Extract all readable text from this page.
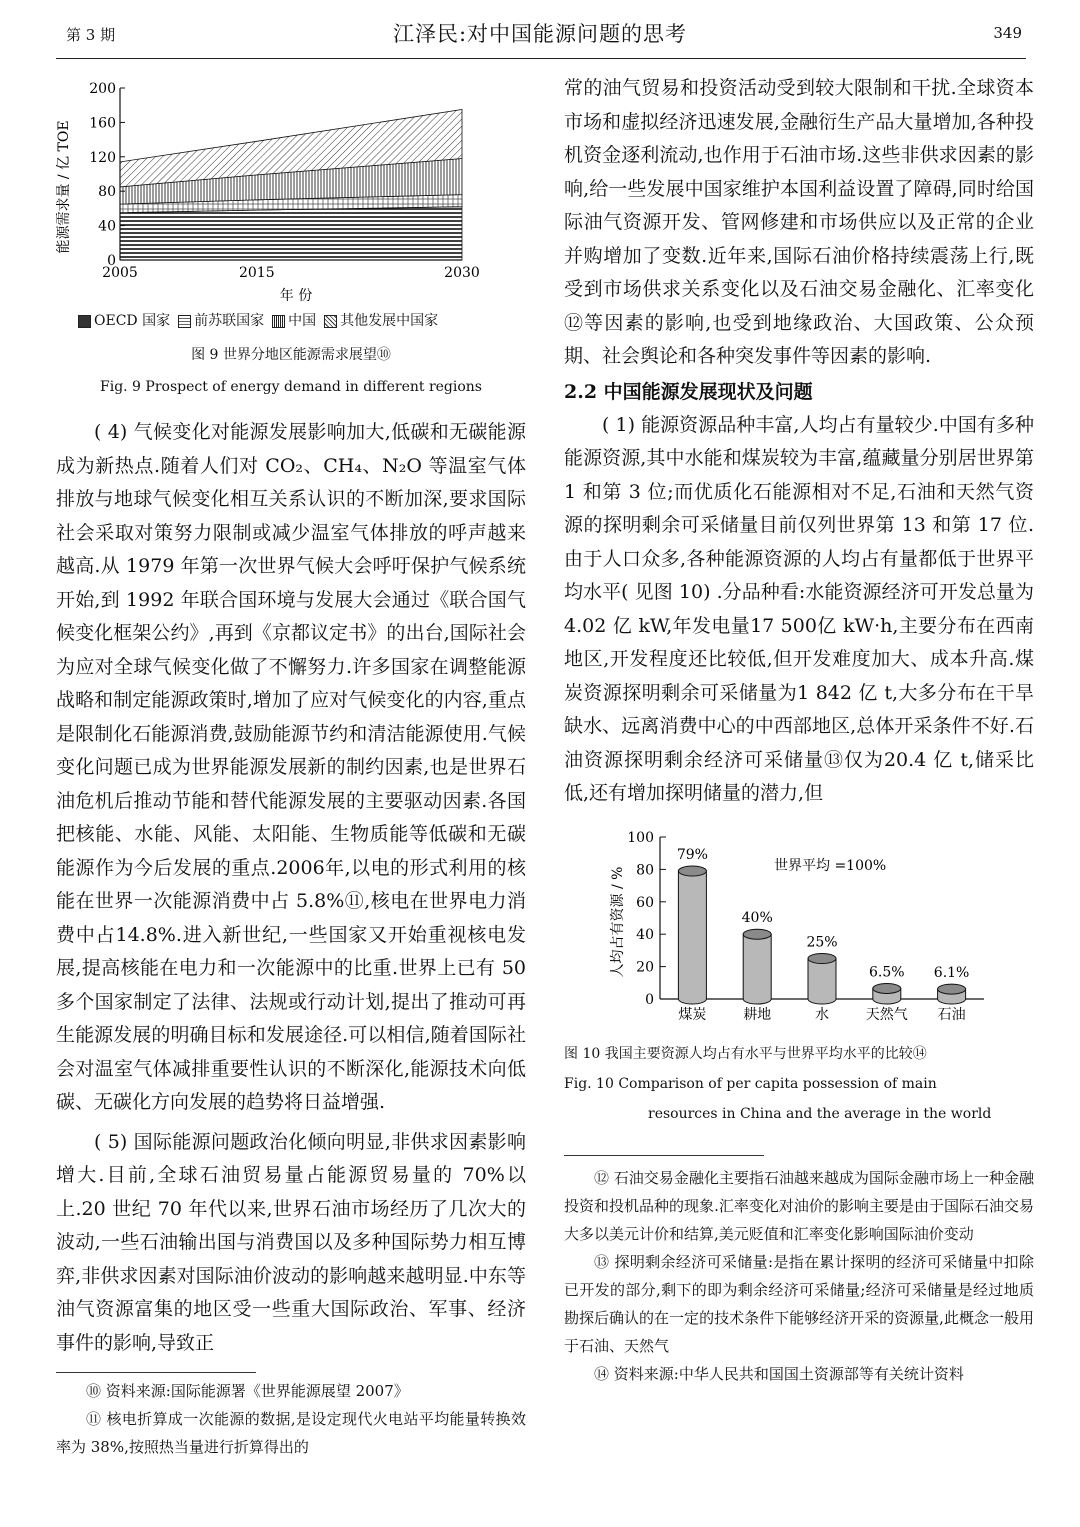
第 3 期	江泽民:对中国能源问题的思考	349
0
40
80
120
160
200
2005	2015	2030
能源需求量 / 亿 TOE
年 份
OECD 国家	前苏联国家	中国	其他发展中国家
图 9 世界分地区能源需求展望⑩
Fig. 9 Prospect of energy demand in different regions

( 4) 气候变化对能源发展影响加大,低碳和无碳能源成为新热点.随着人们对 CO₂、CH₄、N₂O 等温室气体排放与地球气候变化相互关系认识的不断加深,要求国际社会采取对策努力限制或减少温室气体排放的呼声越来越高.从 1979 年第一次世界气候大会呼吁保护气候系统开始,到 1992 年联合国环境与发展大会通过《联合国气候变化框架公约》,再到《京都议定书》的出台,国际社会为应对全球气候变化做了不懈努力.许多国家在调整能源战略和制定能源政策时,增加了应对气候变化的内容,重点是限制化石能源消费,鼓励能源节约和清洁能源使用.气候变化问题已成为世界能源发展新的制约因素,也是世界石油危机后推动节能和替代能源发展的主要驱动因素.各国把核能、水能、风能、太阳能、生物质能等低碳和无碳能源作为今后发展的重点.2006年,以电的形式利用的核能在世界一次能源消费中占 5.8%⑪,核电在世界电力消费中占14.8%.进入新世纪,一些国家又开始重视核电发展,提高核能在电力和一次能源中的比重.世界上已有 50 多个国家制定了法律、法规或行动计划,提出了推动可再生能源发展的明确目标和发展途径.可以相信,随着国际社会对温室气体减排重要性认识的不断深化,能源技术向低碳、无碳化方向发展的趋势将日益增强.

( 5) 国际能源问题政治化倾向明显,非供求因素影响增大.目前,全球石油贸易量占能源贸易量的 70%以上.20 世纪 70 年代以来,世界石油市场经历了几次大的波动,一些石油输出国与消费国以及多种国际势力相互博弈,非供求因素对国际油价波动的影响越来越明显.中东等油气资源富集的地区受一些重大国际政治、军事、经济事件的影响,导致正

⑩ 资料来源:国际能源署《世界能源展望 2007》

⑪ 核电折算成一次能源的数据,是设定现代火电站平均能量转换效率为 38%,按照热当量进行折算得出的

常的油气贸易和投资活动受到较大限制和干扰.全球资本市场和虚拟经济迅速发展,金融衍生产品大量增加,各种投机资金逐利流动,也作用于石油市场.这些非供求因素的影响,给一些发展中国家维护本国利益设置了障碍,同时给国际油气资源开发、管网修建和市场供应以及正常的企业并购增加了变数.近年来,国际石油价格持续震荡上行,既受到市场供求关系变化以及石油交易金融化、汇率变化⑫等因素的影响,也受到地缘政治、大国政策、公众预期、社会舆论和各种突发事件等因素的影响.

2.2 中国能源发展现状及问题

( 1) 能源资源品种丰富,人均占有量较少.中国有多种能源资源,其中水能和煤炭较为丰富,蕴藏量分别居世界第 1 和第 3 位;而优质化石能源相对不足,石油和天然气资源的探明剩余可采储量目前仅列世界第 13 和第 17 位.由于人口众多,各种能源资源的人均占有量都低于世界平均水平( 见图 10) .分品种看:水能资源经济可开发总量为 4.02 亿 kW,年发电量17 500亿 kW·h,主要分布在西南地区,开发程度还比较低,但开发难度加大、成本升高.煤炭资源探明剩余可采储量为1 842 亿 t,大多分布在干旱缺水、远离消费中心的中西部地区,总体开采条件不好.石油资源探明剩余经济可采储量⑬仅为20.4 亿 t,储采比低,还有增加探明储量的潜力,但

0
20
40
60
80
100
79%
煤炭
40%
耕地
25%
水
6.5%
天然气
6.1%
石油
人均占有资源 / %
世界平均 =100%
图 10 我国主要资源人均占有水平与世界平均水平的比较⑭
Fig. 10 Comparison of per capita possession of main
resources in China and the average in the world

⑫ 石油交易金融化主要指石油越来越成为国际金融市场上一种金融投资和投机品种的现象.汇率变化对油价的影响主要是由于国际石油交易大多以美元计价和结算,美元贬值和汇率变化影响国际油价变动

⑬ 探明剩余经济可采储量:是指在累计探明的经济可采储量中扣除已开发的部分,剩下的即为剩余经济可采储量;经济可采储量是经过地质勘探后确认的在一定的技术条件下能够经济开采的资源量,此概念一般用于石油、天然气

⑭ 资料来源:中华人民共和国国土资源部等有关统计资料
